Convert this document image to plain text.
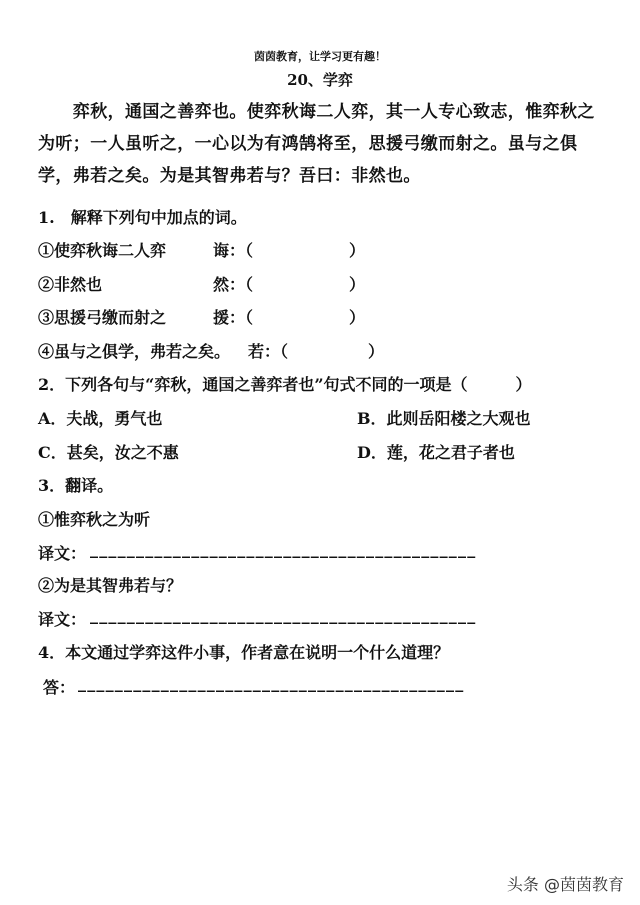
茵茵教育，让学习更有趣！
20、学弈
　　弈秋，通国之善弈也。使弈秋诲二人弈，其一人专心致志，惟弈秋之为听；一人虽听之，一心以为有鸿鹄将至，思援弓缴而射之。虽与之俱学，弗若之矣。为是其智弗若与？吾曰：非然也。
1.　解释下列句中加点的词。
①使弈秋诲二人弈	诲：（　　　　　　）
②非然也	然：（　　　　　　）
③思援弓缴而射之	援：（　　　　　　）
④虽与之俱学，弗若之矣。 若：（　　　　　）
2．下列各句与“弈秋，通国之善弈者也”句式不同的一项是（　　　）
A．夫战，勇气也	B．此则岳阳楼之大观也
C．甚矣，汝之不惠	D．莲，花之君子者也
3．翻译。
①惟弈秋之为听
译文： __________________________________________
②为是其智弗若与？
译文： __________________________________________
4．本文通过学弈这件小事，作者意在说明一个什么道理？
答： __________________________________________
头条 @茵茵教育
